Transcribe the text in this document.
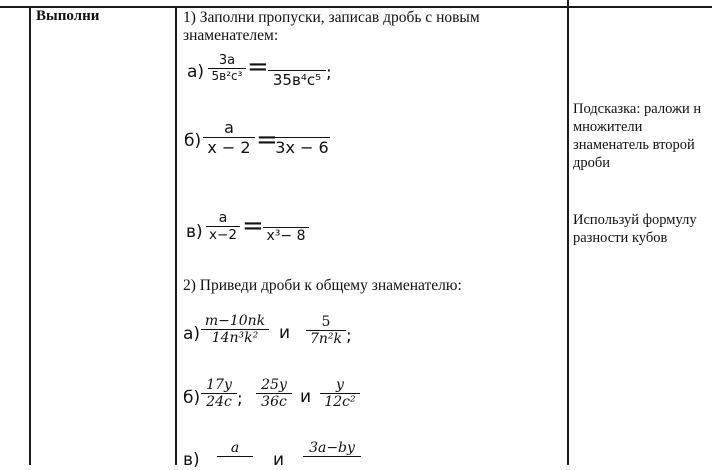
Выполни	1) Заполни пропуски, записав дробь с новым
знаменателем:
а)
3a
5в²с³ = 35в⁴с⁵ ;
б)
a
x − 2 =
3x − 6
в)
a
x−2 = x³− 8
2) Приведи дроби к общему знаменателю:
а)
m−10nk
14n³k²	и
5
7n²k ;
б)
17y
24c ;
25y
36c и
y
12c²
в)
a
и
3a−by
Подсказка: раложи н
множители
знаменатель второй
дроби
Используй формулу
разности кубов
